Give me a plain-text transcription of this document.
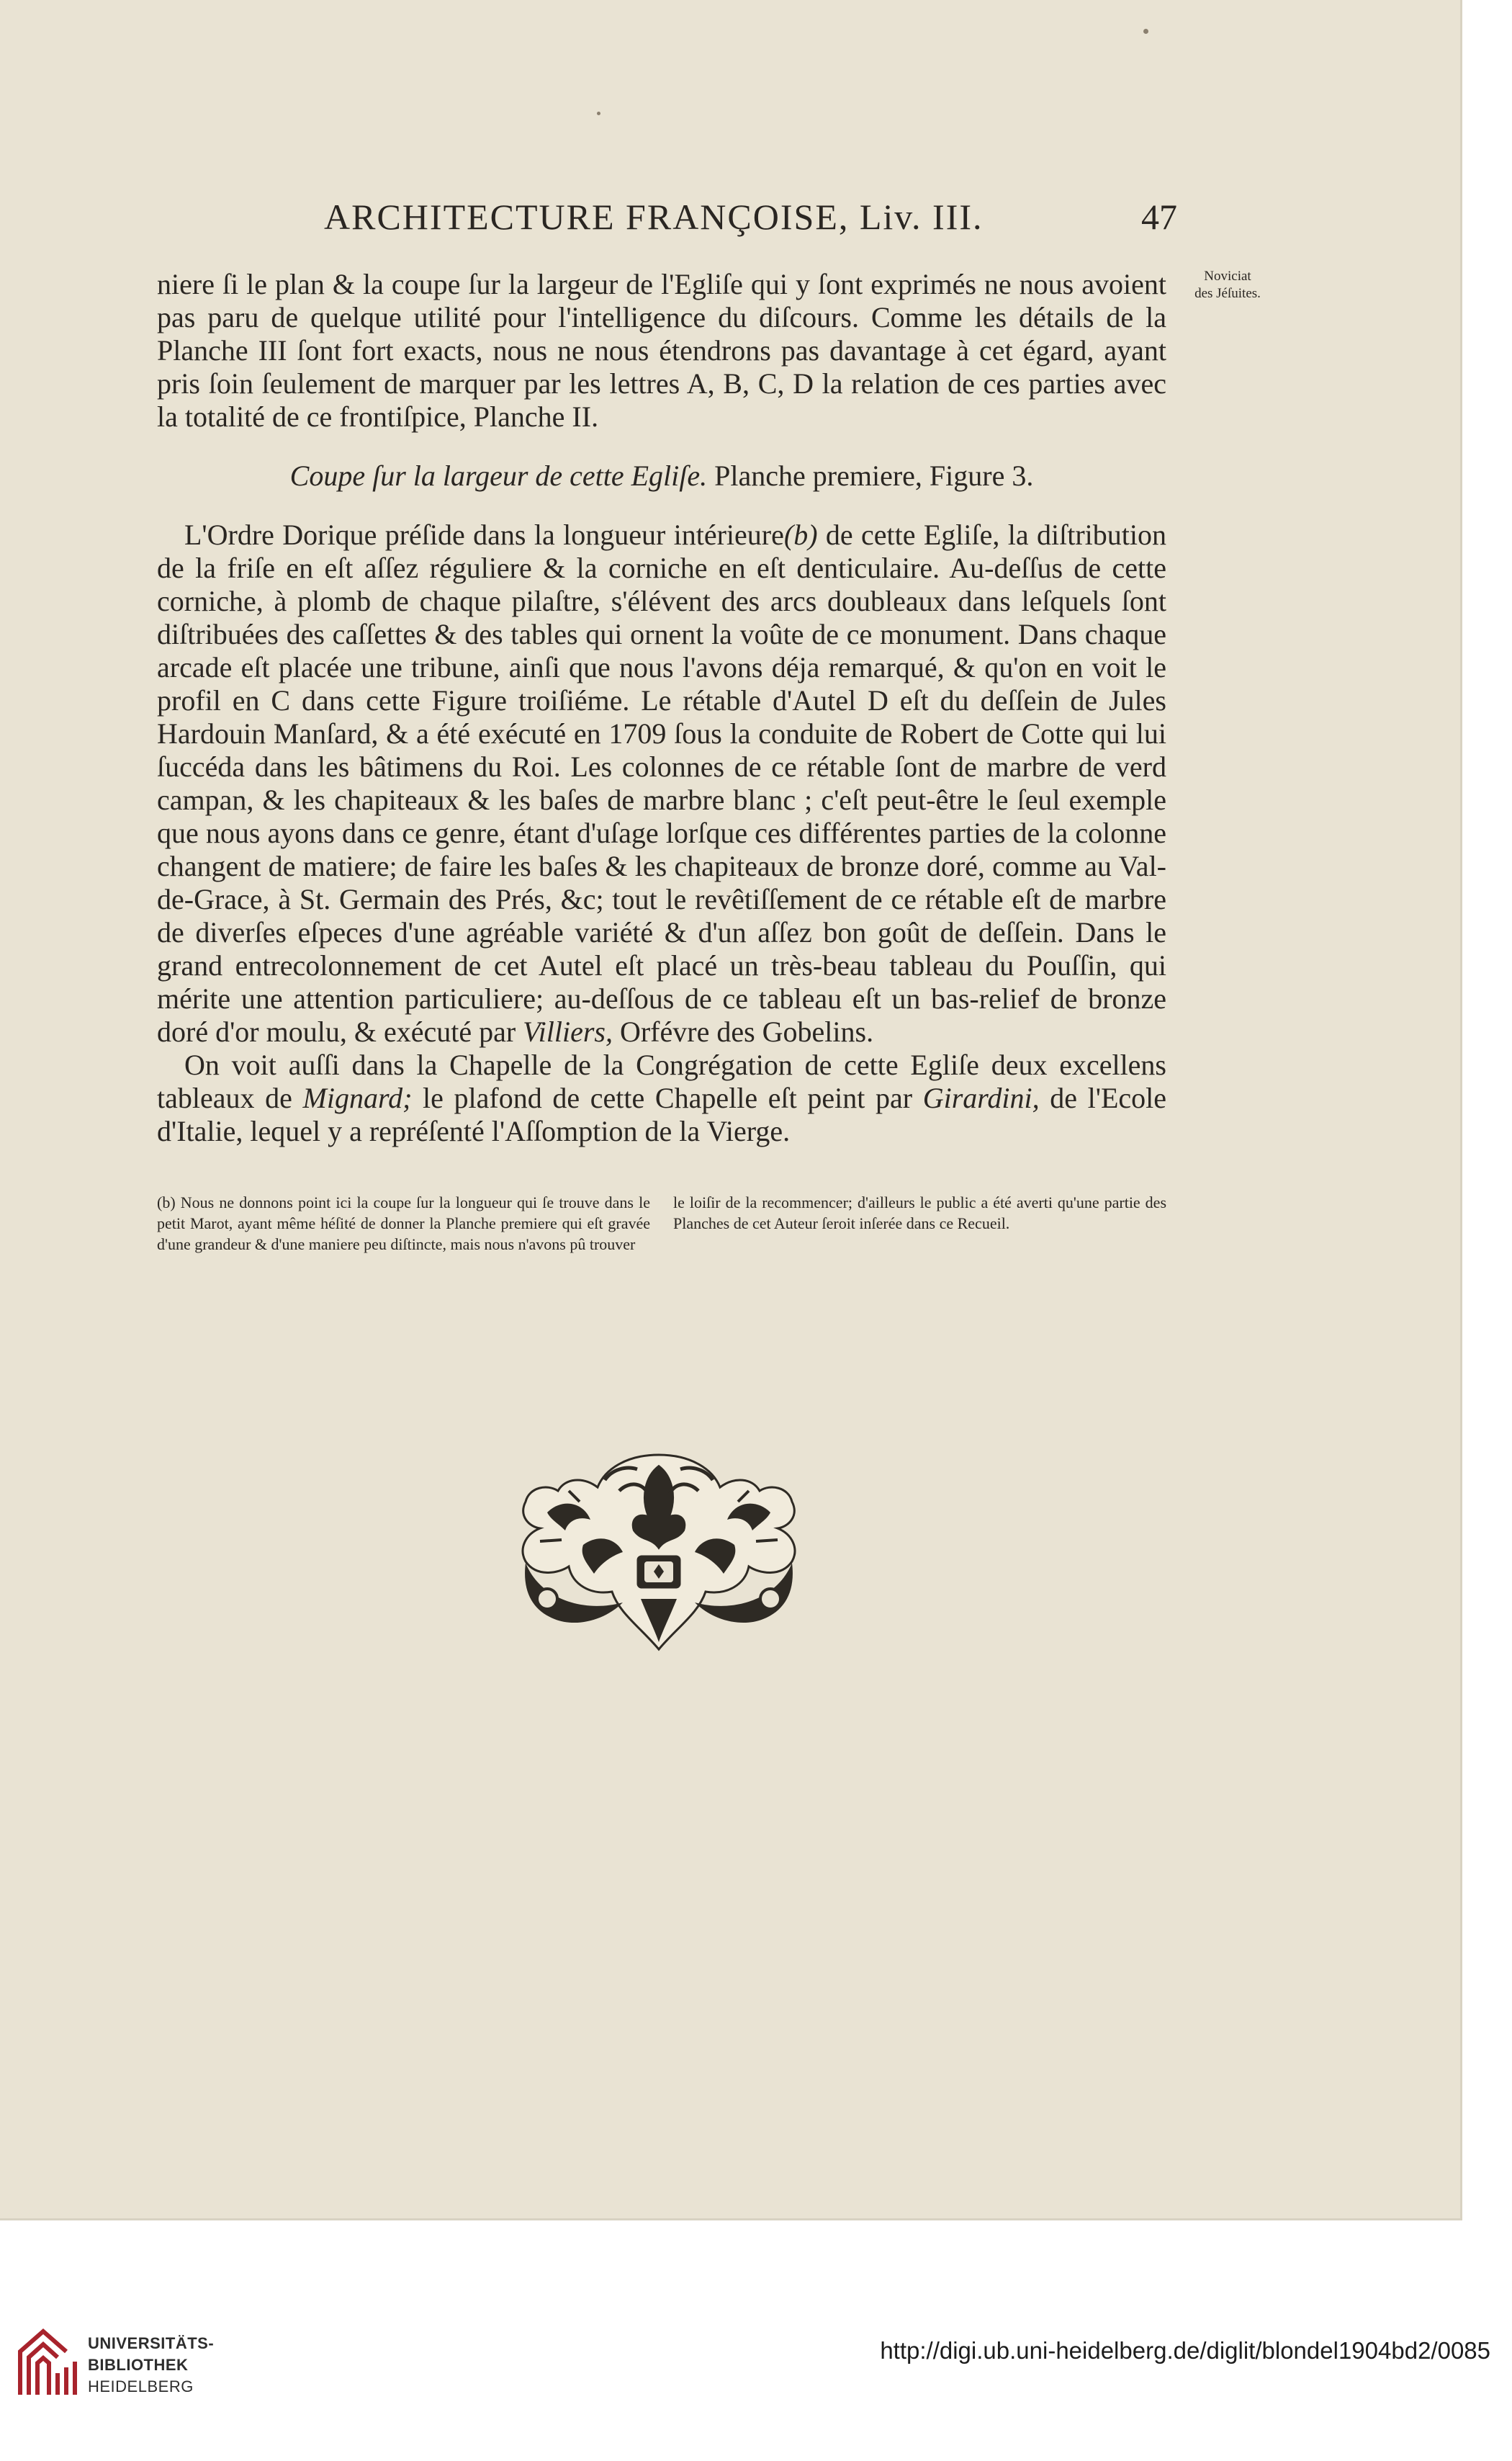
ARCHITECTURE FRANÇOISE, Liv. III.	47
Noviciat
des Jéſuites.

niere ſi le plan & la coupe ſur la largeur de l'Egliſe qui y ſont exprimés ne nous avoient pas paru de quelque utilité pour l'intelligence du diſcours. Comme les détails de la Planche III ſont fort exacts, nous ne nous étendrons pas davantage à cet égard, ayant pris ſoin ſeulement de marquer par les lettres A, B, C, D la relation de ces parties avec la totalité de ce frontiſpice, Planche II.

Coupe ſur la largeur de cette Egliſe. Planche premiere, Figure 3.

L'Ordre Dorique préſide dans la longueur intérieure(b) de cette Egliſe, la diſtribution de la friſe en eſt aſſez réguliere & la corniche en eſt denticulaire. Au-deſſus de cette corniche, à plomb de chaque pilaſtre, s'élévent des arcs doubleaux dans leſquels ſont diſtribuées des caſſettes & des tables qui ornent la voûte de ce monument. Dans chaque arcade eſt placée une tribune, ainſi que nous l'avons déja remarqué, & qu'on en voit le profil en C dans cette Figure troiſiéme. Le rétable d'Autel D eſt du deſſein de Jules Hardouin Manſard, & a été exécuté en 1709 ſous la conduite de Robert de Cotte qui lui ſuccéda dans les bâtimens du Roi. Les colonnes de ce rétable ſont de marbre de verd campan, & les chapiteaux & les baſes de marbre blanc ; c'eſt peut-être le ſeul exemple que nous ayons dans ce genre, étant d'uſage lorſque ces différentes parties de la colonne changent de matiere; de faire les baſes & les chapiteaux de bronze doré, comme au Val-de-Grace, à St. Germain des Prés, &c; tout le revêtiſſement de ce rétable eſt de marbre de diverſes eſpeces d'une agréable variété & d'un aſſez bon goût de deſſein. Dans le grand entrecolonnement de cet Autel eſt placé un très-beau tableau du Pouſſin, qui mérite une attention particuliere; au-deſſous de ce tableau eſt un bas-relief de bronze doré d'or moulu, & exécuté par Villiers, Orfévre des Gobelins.

On voit auſſi dans la Chapelle de la Congrégation de cette Egliſe deux excellens tableaux de Mignard; le plafond de cette Chapelle eſt peint par Girardini, de l'Ecole d'Italie, lequel y a repréſenté l'Aſſomption de la Vierge.

(b) Nous ne donnons point ici la coupe ſur la longueur qui ſe trouve dans le petit Marot, ayant même héſité de donner la Planche premiere qui eſt gravée d'une grandeur & d'une maniere peu diſtincte, mais nous n'avons pû trouver

le loiſir de la recommencer; d'ailleurs le public a été averti qu'une partie des Planches de cet Auteur ſeroit inſerée dans ce Recueil.

UNIVERSITÄTS-
BIBLIOTHEK
HEIDELBERG
http://digi.ub.uni-heidelberg.de/diglit/blondel1904bd2/0085
